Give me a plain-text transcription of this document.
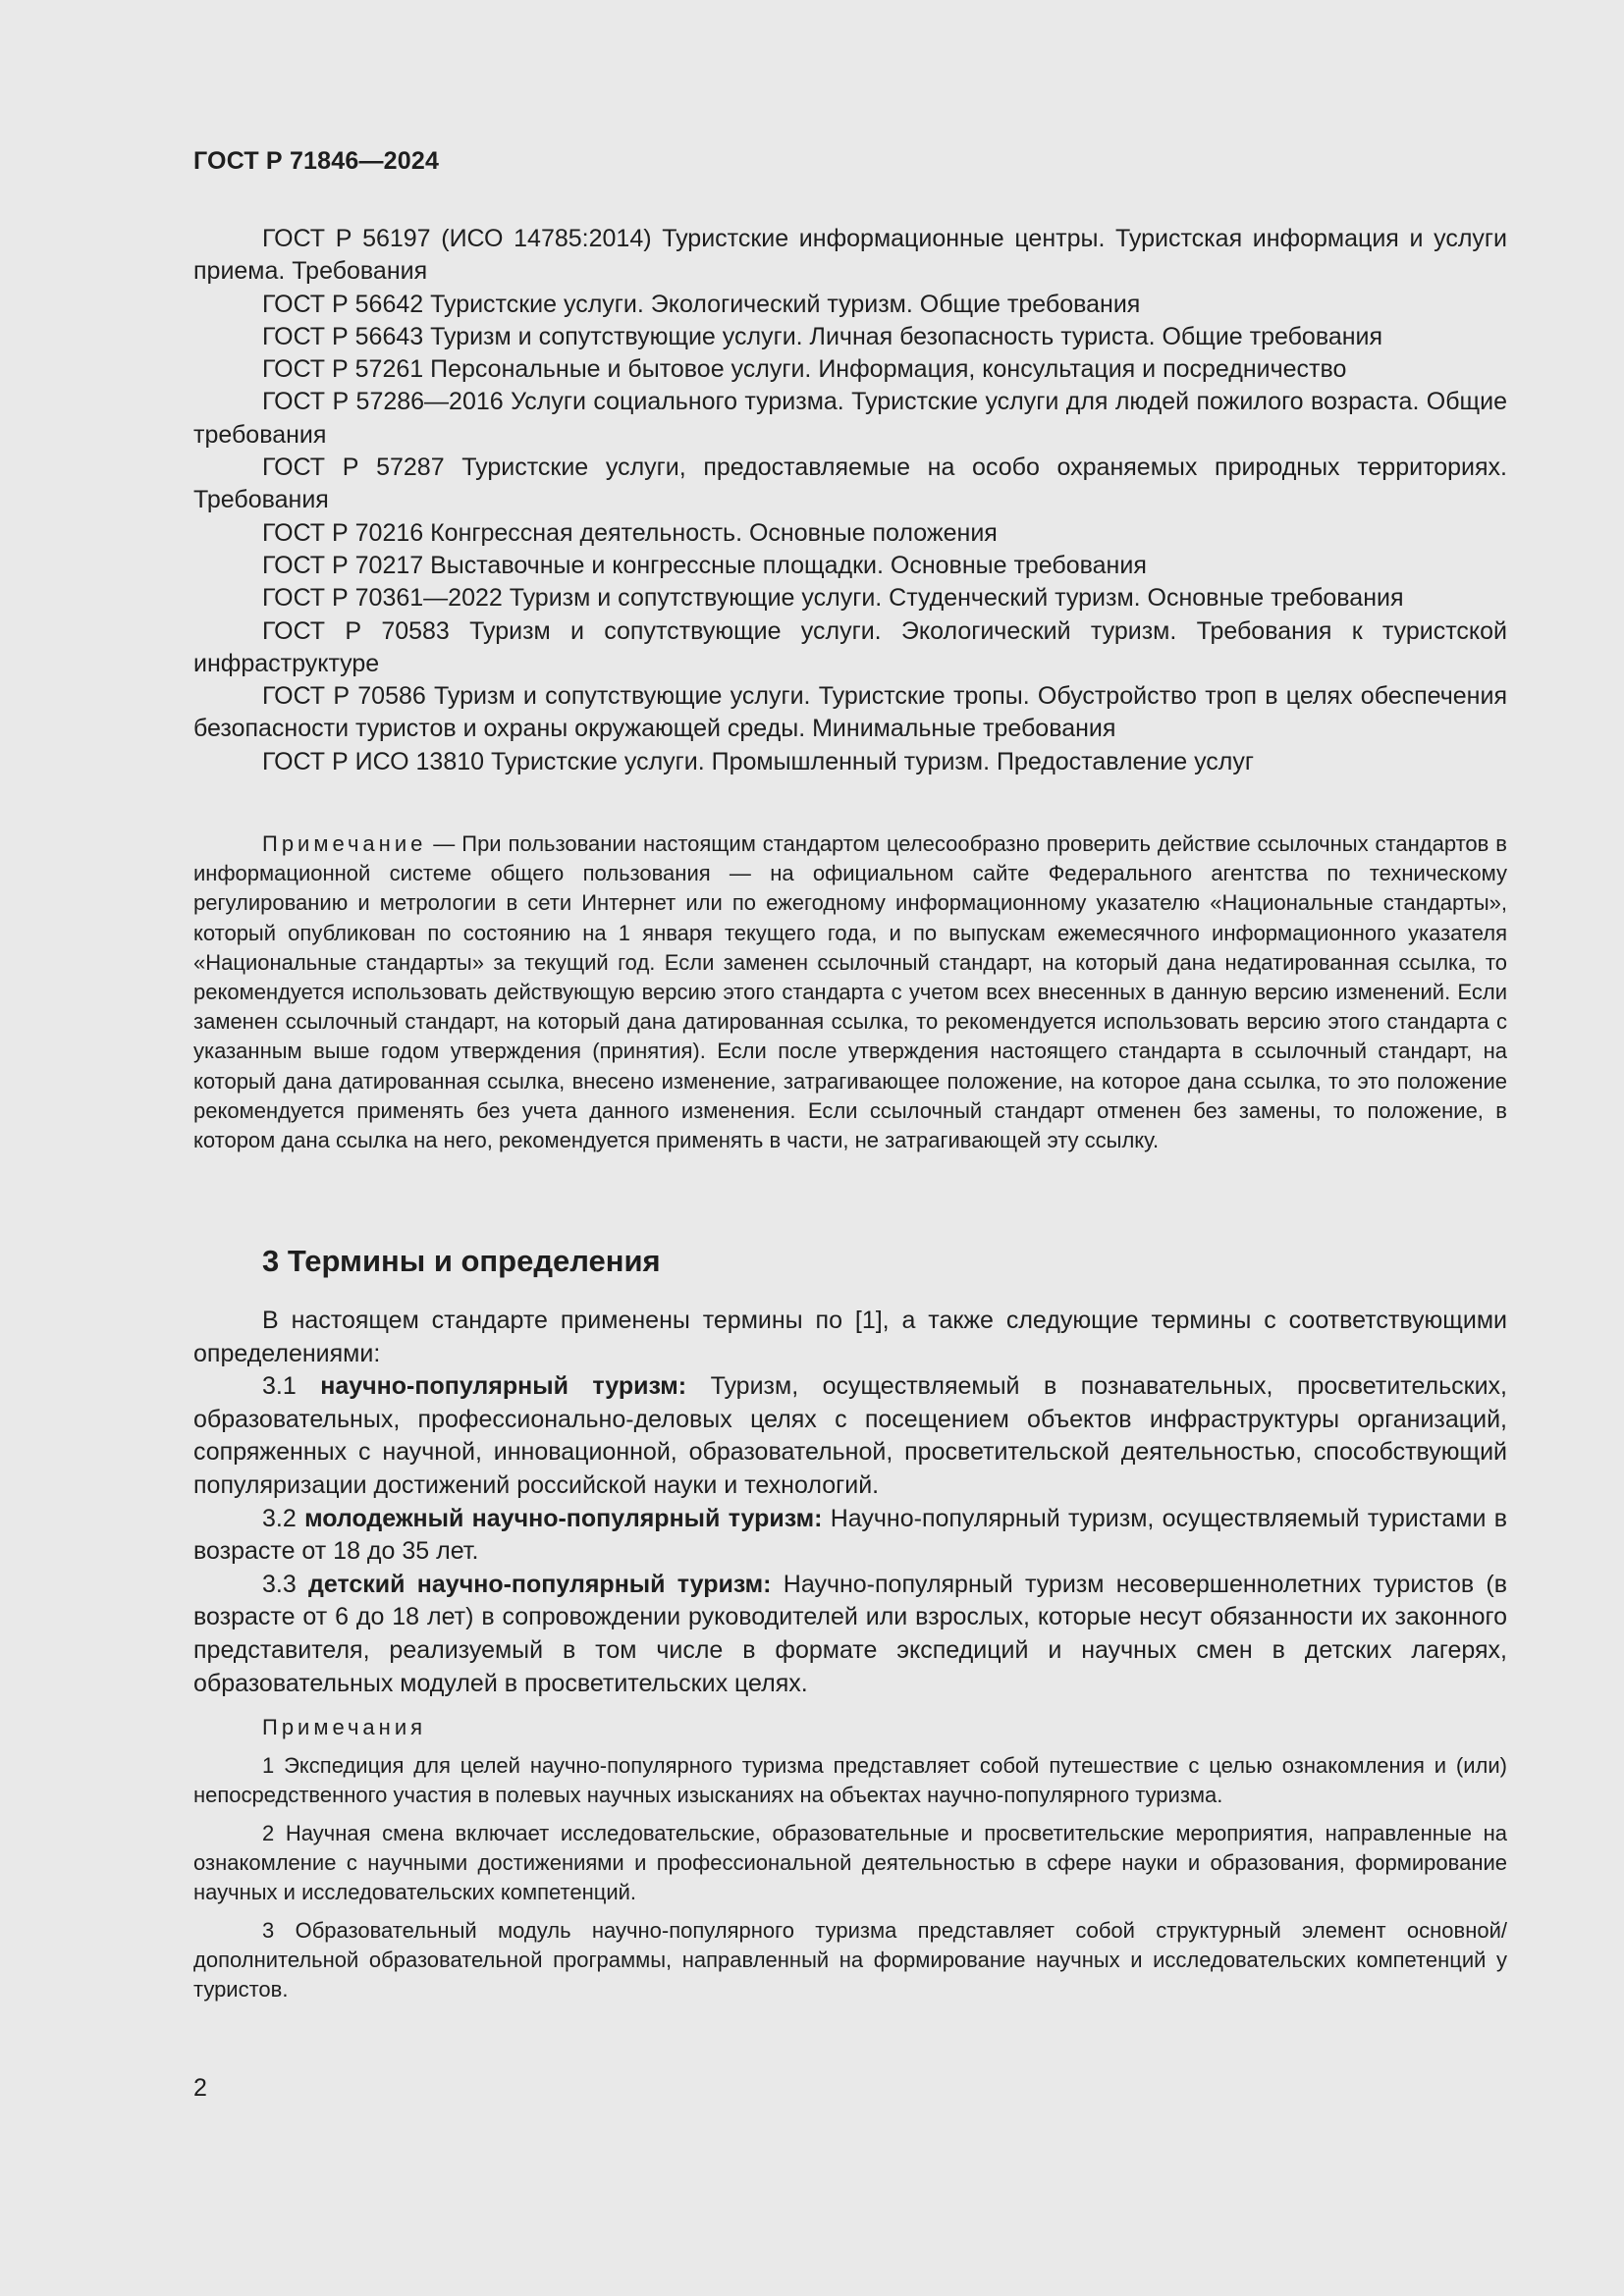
ГОСТ Р 71846—2024

ГОСТ Р 56197 (ИСО 14785:2014) Туристские информационные центры. Туристская информация и услуги приема. Требования

ГОСТ Р 56642 Туристские услуги. Экологический туризм. Общие требования

ГОСТ Р 56643 Туризм и сопутствующие услуги. Личная безопасность туриста. Общие требования

ГОСТ Р 57261 Персональные и бытовое услуги. Информация, консультация и посредничество

ГОСТ Р 57286—2016 Услуги социального туризма. Туристские услуги для людей пожилого возраста. Общие требования

ГОСТ Р 57287 Туристские услуги, предоставляемые на особо охраняемых природных территориях. Требования

ГОСТ Р 70216 Конгрессная деятельность. Основные положения

ГОСТ Р 70217 Выставочные и конгрессные площадки. Основные требования

ГОСТ Р 70361—2022 Туризм и сопутствующие услуги. Студенческий туризм. Основные требования

ГОСТ Р 70583 Туризм и сопутствующие услуги. Экологический туризм. Требования к туристской инфраструктуре

ГОСТ Р 70586 Туризм и сопутствующие услуги. Туристские тропы. Обустройство троп в целях обеспечения безопасности туристов и охраны окружающей среды. Минимальные требования

ГОСТ Р ИСО 13810 Туристские услуги. Промышленный туризм. Предоставление услуг

Примечание — При пользовании настоящим стандартом целесообразно проверить действие ссылочных стандартов в информационной системе общего пользования — на официальном сайте Федерального агентства по техническому регулированию и метрологии в сети Интернет или по ежегодному информационному указателю «Национальные стандарты», который опубликован по состоянию на 1 января текущего года, и по выпускам ежемесячного информационного указателя «Национальные стандарты» за текущий год. Если заменен ссылочный стандарт, на который дана недатированная ссылка, то рекомендуется использовать действующую версию этого стандарта с учетом всех внесенных в данную версию изменений. Если заменен ссылочный стандарт, на который дана датированная ссылка, то рекомендуется использовать версию этого стандарта с указанным выше годом утверждения (принятия). Если после утверждения настоящего стандарта в ссылочный стандарт, на который дана датированная ссылка, внесено изменение, затрагивающее положение, на которое дана ссылка, то это положение рекомендуется применять без учета данного изменения. Если ссылочный стандарт отменен без замены, то положение, в котором дана ссылка на него, рекомендуется применять в части, не затрагивающей эту ссылку.

3 Термины и определения

В настоящем стандарте применены термины по [1], а также следующие термины с соответствующими определениями:

3.1 научно-популярный туризм: Туризм, осуществляемый в познавательных, просветительских, образовательных, профессионально-деловых целях с посещением объектов инфраструктуры организаций, сопряженных с научной, инновационной, образовательной, просветительской деятельностью, способствующий популяризации достижений российской науки и технологий.

3.2 молодежный научно-популярный туризм: Научно-популярный туризм, осуществляемый туристами в возрасте от 18 до 35 лет.

3.3 детский научно-популярный туризм: Научно-популярный туризм несовершеннолетних туристов (в возрасте от 6 до 18 лет) в сопровождении руководителей или взрослых, которые несут обязанности их законного представителя, реализуемый в том числе в формате экспедиций и научных смен в детских лагерях, образовательных модулей в просветительских целях.

Примечания

1 Экспедиция для целей научно-популярного туризма представляет собой путешествие с целью ознакомления и (или) непосредственного участия в полевых научных изысканиях на объектах научно-популярного туризма.

2 Научная смена включает исследовательские, образовательные и просветительские мероприятия, направленные на ознакомление с научными достижениями и профессиональной деятельностью в сфере науки и образования, формирование научных и исследовательских компетенций.

3 Образовательный модуль научно-популярного туризма представляет собой структурный элемент основной/дополнительной образовательной программы, направленный на формирование научных и исследовательских компетенций у туристов.

2
